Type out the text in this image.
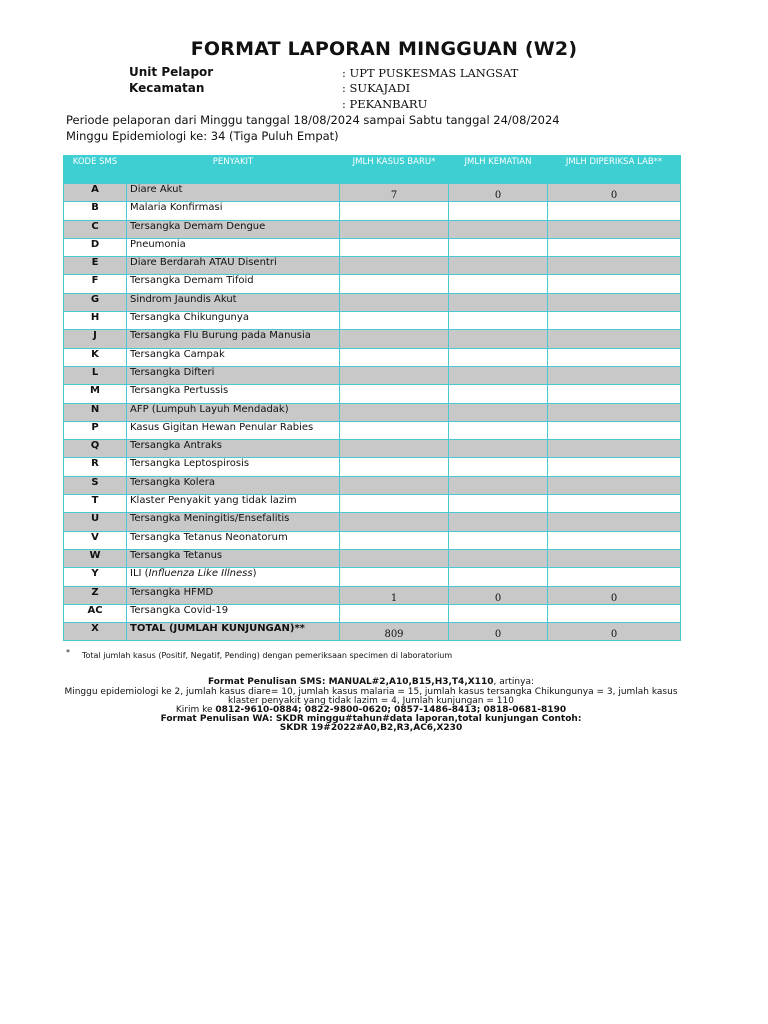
FORMAT LAPORAN MINGGUAN (W2)
Unit Pelapor	: UPT PUSKESMAS LANGSAT
Kecamatan	: SUKAJADI
: PEKANBARU
Periode pelaporan dari Minggu tanggal 18/08/2024 sampai Sabtu tanggal 24/08/2024
Minggu Epidemiologi ke: 34 (Tiga Puluh Empat)
KODE SMS	PENYAKIT	JMLH KASUS BARU*	JMLH KEMATIAN	JMLH DIPERIKSA LAB**
A	Diare Akut	7	0	0
B	Malaria Konfirmasi			
C	Tersangka Demam Dengue			
D	Pneumonia			
E	Diare Berdarah ATAU Disentri			
F	Tersangka Demam Tifoid			
G	Sindrom Jaundis Akut			
H	Tersangka Chikungunya			
J	Tersangka Flu Burung pada Manusia			
K	Tersangka Campak			
L	Tersangka Difteri			
M	Tersangka Pertussis			
N	AFP (Lumpuh Layuh Mendadak)			
P	Kasus Gigitan Hewan Penular Rabies			
Q	Tersangka Antraks			
R	Tersangka Leptospirosis			
S	Tersangka Kolera			
T	Klaster Penyakit yang tidak lazim			
U	Tersangka Meningitis/Ensefalitis			
V	Tersangka Tetanus Neonatorum			
W	Tersangka Tetanus			
Y	ILI (Influenza Like Illness)			
Z	Tersangka HFMD	1	0	0
AC	Tersangka Covid-19			
X	TOTAL (JUMLAH KUNJUNGAN)**	809	0	0
* Total jumlah kasus (Positif, Negatif, Pending) dengan pemeriksaan specimen di laboratorium
Format Penulisan SMS: MANUAL#2,A10,B15,H3,T4,X110, artinya:
Minggu epidemiologi ke 2, jumlah kasus diare= 10, jumlah kasus malaria = 15, jumlah kasus tersangka Chikungunya = 3, jumlah kasus
klaster penyakit yang tidak lazim = 4, Jumlah kunjungan = 110
Kirim ke 0812-9610-0884; 0822-9800-0620; 0857-1486-8413; 0818-0681-8190
Format Penulisan WA: SKDR minggu#tahun#data laporan,total kunjungan Contoh:
SKDR 19#2022#A0,B2,R3,AC6,X230
